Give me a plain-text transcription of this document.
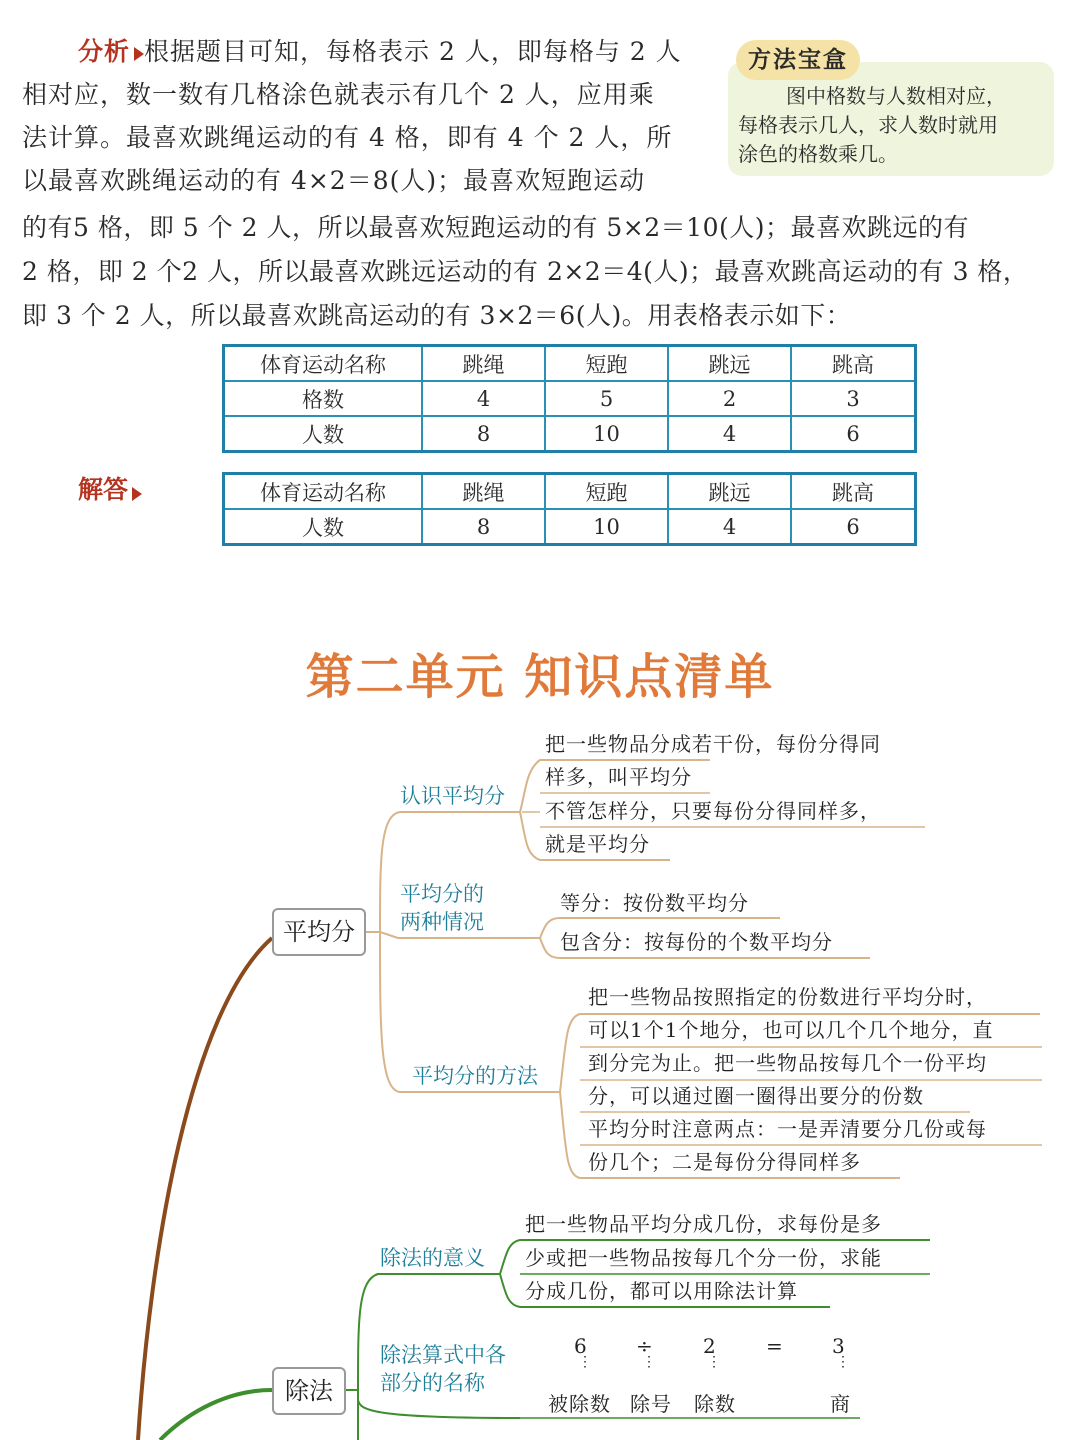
分析 根据题目可知，每格表示 2 人，即每格与 2 人
相对应，数一数有几格涂色就表示有几个 2 人，应用乘
法计算。最喜欢跳绳运动的有 4 格，即有 4 个 2 人，所
以最喜欢跳绳运动的有 4×2＝8(人)；最喜欢短跑运动
的有5 格，即 5 个 2 人，所以最喜欢短跑运动的有 5×2＝10(人)；最喜欢跳远的有
2 格，即 2 个2 人，所以最喜欢跳远运动的有 2×2＝4(人)；最喜欢跳高运动的有 3 格，
即 3 个 2 人，所以最喜欢跳高运动的有 3×2＝6(人)。用表格表示如下：
方法宝盒
图中格数与人数相对应，
每格表示几人，求人数时就用
涂色的格数乘几。
体育运动名称	跳绳	短跑	跳远	跳高
格数	4	5	2	3
人数	8	10	4	6
解答	体育运动名称	跳绳	短跑	跳远	跳高
人数	8	10	4	6
第二单元 知识点清单
平均分
除法
认识平均分
平均分的
两种情况
平均分的方法
除法的意义
除法算式中各
部分的名称
把一些物品分成若干份，每份分得同
样多，叫平均分
不管怎样分，只要每份分得同样多，
就是平均分
等分：按份数平均分
包含分：按每份的个数平均分
把一些物品按照指定的份数进行平均分时，
可以1个1个地分，也可以几个几个地分，直
到分完为止。把一些物品按每几个一份平均
分，可以通过圈一圈得出要分的份数
平均分时注意两点：一是弄清要分几份或每
份几个；二是每份分得同样多
把一些物品平均分成几份，求每份是多
少或把一些物品按每几个分一份，求能
分成几份，都可以用除法计算
6 ÷ 2 = 3
⋮	⋮	⋮	⋮
被除数 除号 除数	商
